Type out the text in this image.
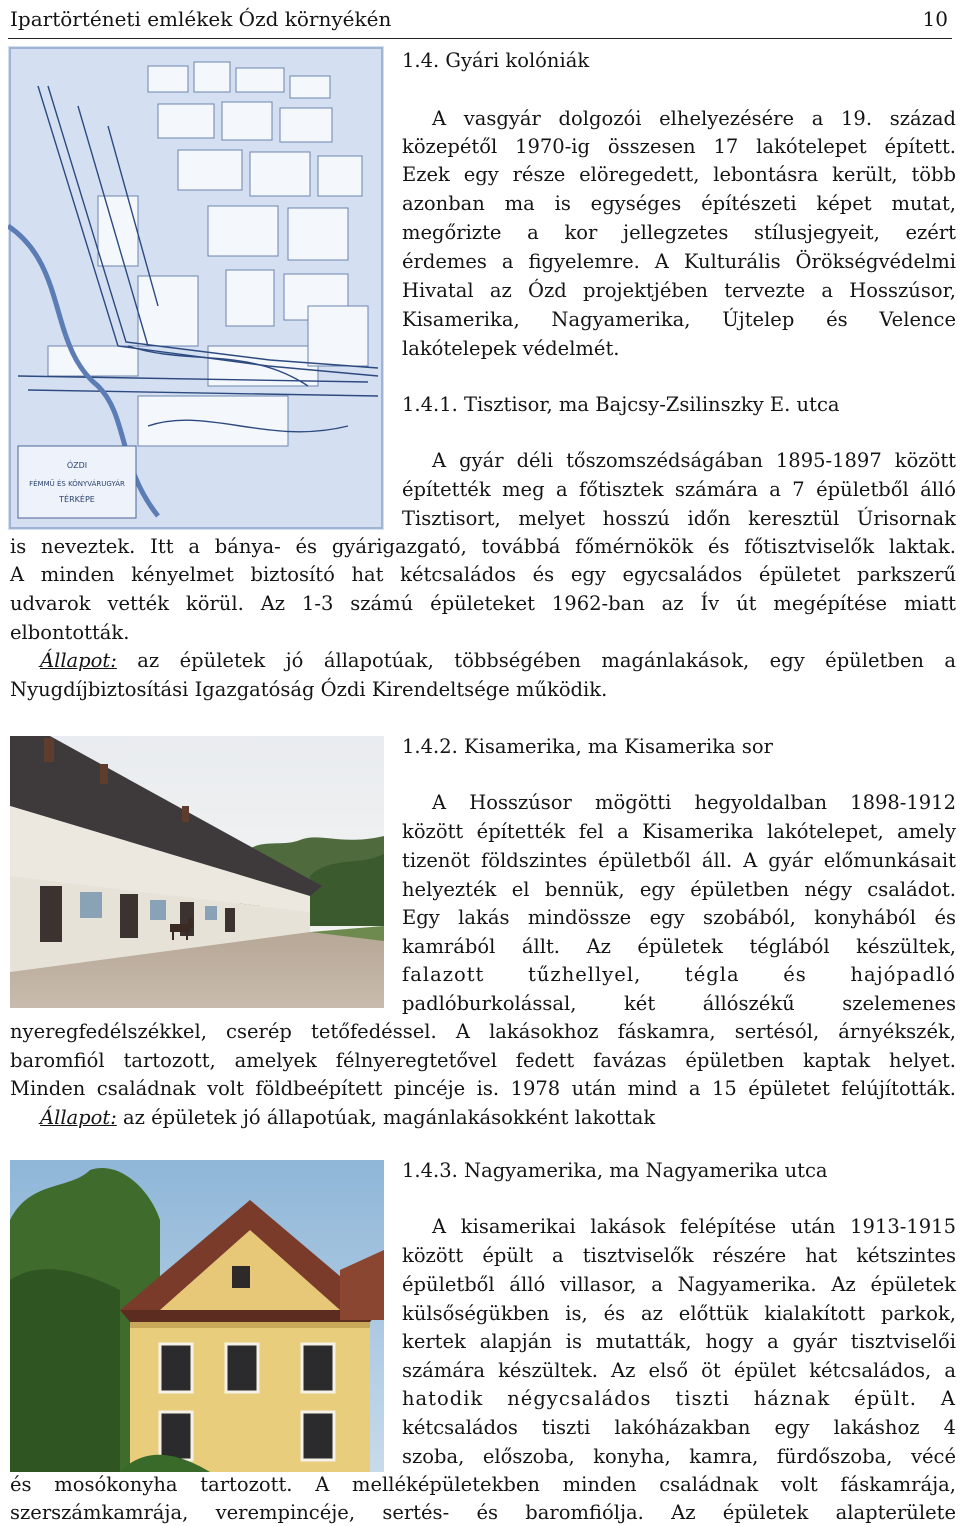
Ipartörténeti emlékek Ózd környékén	10
ÓZDI
FÉMMŰ ÉS KÖNYVÁRUGYÁR
TÉRKÉPE
1.4. Gyári kolóniák
A vasgyár dolgozói elhelyezésére a 19. század
közepétől 1970-ig összesen 17 lakótelepet épített.
Ezek egy része elöregedett, lebontásra került, több
azonban ma is egységes építészeti képet mutat,
megőrizte a kor jellegzetes stílusjegyeit, ezért
érdemes a figyelemre. A Kulturális Örökségvédelmi
Hivatal az Ózd projektjében tervezte a Hosszúsor,
Kisamerika, Nagyamerika, Újtelep és Velence
lakótelepek védelmét.
1.4.1. Tisztisor, ma Bajcsy-Zsilinszky E. utca
A gyár déli tőszomszédságában 1895-1897 között
építették meg a főtisztek számára a 7 épületből álló
Tisztisort, melyet hosszú időn keresztül Úrisornak
is neveztek. Itt a bánya- és gyárigazgató, továbbá főmérnökök és főtisztviselők laktak.
A minden kényelmet biztosító hat kétcsaládos és egy egycsaládos épületet parkszerű
udvarok vették körül. Az 1-3 számú épületeket 1962-ban az Ív út megépítése miatt
elbontották.
Állapot: az épületek jó állapotúak, többségében magánlakások, egy épületben a
Nyugdíjbiztosítási Igazgatóság Ózdi Kirendeltsége működik.
1.4.2. Kisamerika, ma Kisamerika sor
A Hosszúsor mögötti hegyoldalban 1898-1912
között építették fel a Kisamerika lakótelepet, amely
tizenöt földszintes épületből áll. A gyár előmunkásait
helyezték el bennük, egy épületben négy családot.
Egy lakás mindössze egy szobából, konyhából és
kamrából állt. Az épületek téglából készültek,
falazott tűzhellyel, tégla és hajópadló
padlóburkolással, két állószékű szelemenes
nyeregfedélszékkel, cserép tetőfedéssel. A lakásokhoz fáskamra, sertésól, árnyékszék,
baromfiól tartozott, amelyek félnyeregtetővel fedett favázas épületben kaptak helyet.
Minden családnak volt földbeépített pincéje is. 1978 után mind a 15 épületet felújították.
Állapot: az épületek jó állapotúak, magánlakásokként lakottak
1.4.3. Nagyamerika, ma Nagyamerika utca
A kisamerikai lakások felépítése után 1913-1915
között épült a tisztviselők részére hat kétszintes
épületből álló villasor, a Nagyamerika. Az épületek
külsőségükben is, és az előttük kialakított parkok,
kertek alapján is mutatták, hogy a gyár tisztviselői
számára készültek. Az első öt épület kétcsaládos, a
hatodik négycsaládos tiszti háznak épült. A
kétcsaládos tiszti lakóházakban egy lakáshoz 4
szoba, előszoba, konyha, kamra, fürdőszoba, vécé
és mosókonyha tartozott. A melléképületekben minden családnak volt fáskamrája,
szerszámkamrája, verempincéje, sertés- és baromfiólja. Az épületek alapterülete
